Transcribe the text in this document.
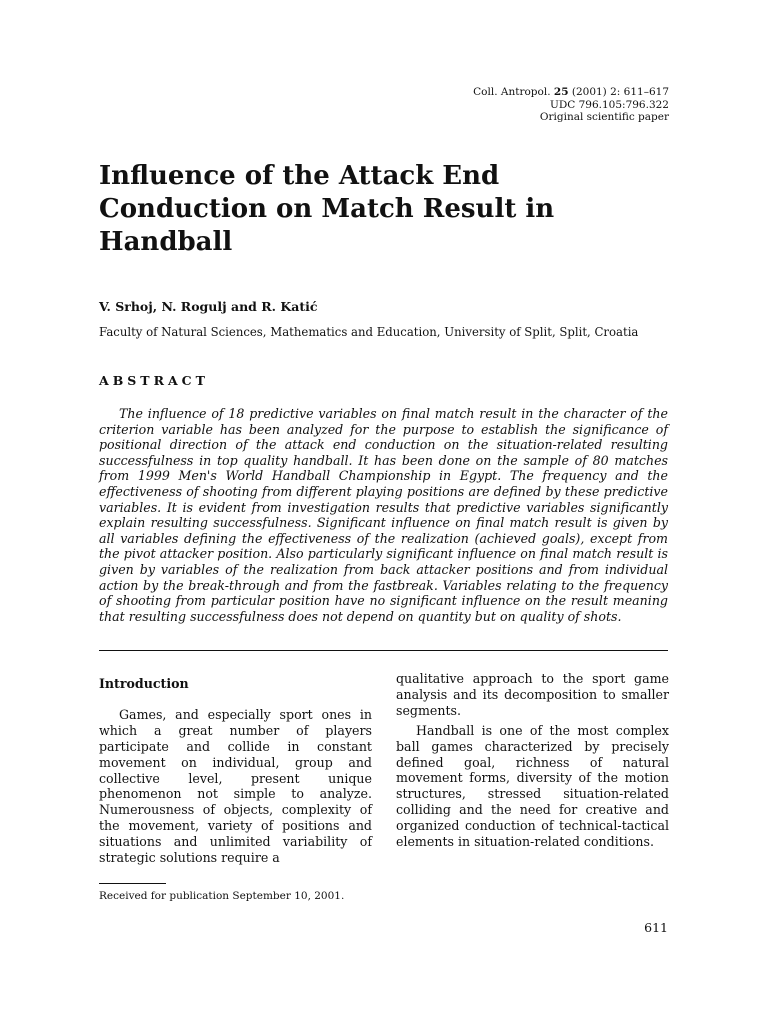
Coll. Antropol. 25 (2001) 2: 611–617
UDC 796.105:796.322
Original scientific paper
Influence of the Attack End Conduction on Match Result in Handball
V. Srhoj, N. Rogulj and R. Katić
Faculty of Natural Sciences, Mathematics and Education, University of Split, Split, Croatia
ABSTRACT

The influence of 18 predictive variables on final match result in the character of the criterion variable has been analyzed for the purpose to establish the significance of positional direction of the attack end conduction on the situation-related resulting successfulness in top quality handball. It has been done on the sample of 80 matches from 1999 Men's World Handball Championship in Egypt. The frequency and the effectiveness of shooting from different playing positions are defined by these predictive variables. It is evident from investigation results that predictive variables significantly explain resulting successfulness. Significant influence on final match result is given by all variables defining the effectiveness of the realization (achieved goals), except from the pivot attacker position. Also particularly significant influence on final match result is given by variables of the realization from back attacker positions and from individual action by the break-through and from the fastbreak. Variables relating to the frequency of shooting from particular position have no significant influence on the result meaning that resulting successfulness does not depend on quantity but on quality of shots.

Introduction

Games, and especially sport ones in which a great number of players participate and collide in constant movement on individual, group and collective level, present unique phenomenon not simple to analyze. Numerousness of objects, complexity of the movement, variety of positions and situations and unlimited variability of strategic solutions require a

qualitative approach to the sport game analysis and its decomposition to smaller segments.

Handball is one of the most complex ball games characterized by precisely defined goal, richness of natural movement forms, diversity of the motion structures, stressed situation-related colliding and the need for creative and organized conduction of technical-tactical elements in situation-related conditions.

Received for publication September 10, 2001.
611
